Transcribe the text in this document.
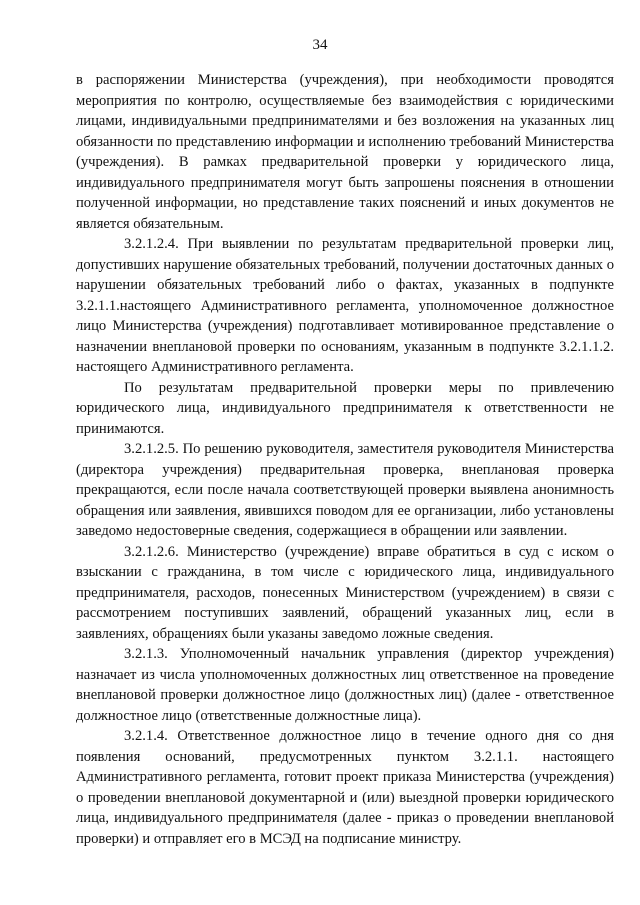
34

в распоряжении Министерства (учреждения), при необходимости проводятся мероприятия по контролю, осуществляемые без взаимодействия с юридическими лицами, индивидуальными предпринимателями и без возложения на указанных лиц обязанности по представлению информации и исполнению требований Министерства (учреждения). В рамках предварительной проверки у юридического лица, индивидуального предпринимателя могут быть запрошены пояснения в отношении полученной информации, но представление таких пояснений и иных документов не является обязательным.

3.2.1.2.4. При выявлении по результатам предварительной проверки лиц, допустивших нарушение обязательных требований, получении достаточных данных о нарушении обязательных требований либо о фактах, указанных в подпункте 3.2.1.1.настоящего Административного регламента, уполномоченное должностное лицо Министерства (учреждения) подготавливает мотивированное представление о назначении внеплановой проверки по основаниям, указанным в подпункте 3.2.1.1.2. настоящего Административного регламента.

По результатам предварительной проверки меры по привлечению юридического лица, индивидуального предпринимателя к ответственности не принимаются.

3.2.1.2.5. По решению руководителя, заместителя руководителя Министерства (директора учреждения) предварительная проверка, внеплановая проверка прекращаются, если после начала соответствующей проверки выявлена анонимность обращения или заявления, явившихся поводом для ее организации, либо установлены заведомо недостоверные сведения, содержащиеся в обращении или заявлении.

3.2.1.2.6. Министерство (учреждение) вправе обратиться в суд с иском о взыскании с гражданина, в том числе с юридического лица, индивидуального предпринимателя, расходов, понесенных Министерством (учреждением) в связи с рассмотрением поступивших заявлений, обращений указанных лиц, если в заявлениях, обращениях были указаны заведомо ложные сведения.

3.2.1.3. Уполномоченный начальник управления (директор учреждения) назначает из числа уполномоченных должностных лиц ответственное на проведение внеплановой проверки должностное лицо (должностных лиц) (далее - ответственное должностное лицо (ответственные должностные лица).

3.2.1.4. Ответственное должностное лицо в течение одного дня со дня появления оснований, предусмотренных пунктом 3.2.1.1. настоящего Административного регламента, готовит проект приказа Министерства (учреждения) о проведении внеплановой документарной и (или) выездной проверки юридического лица, индивидуального предпринимателя (далее - приказ о проведении внеплановой проверки) и отправляет его в МСЭД на подписание министру.
